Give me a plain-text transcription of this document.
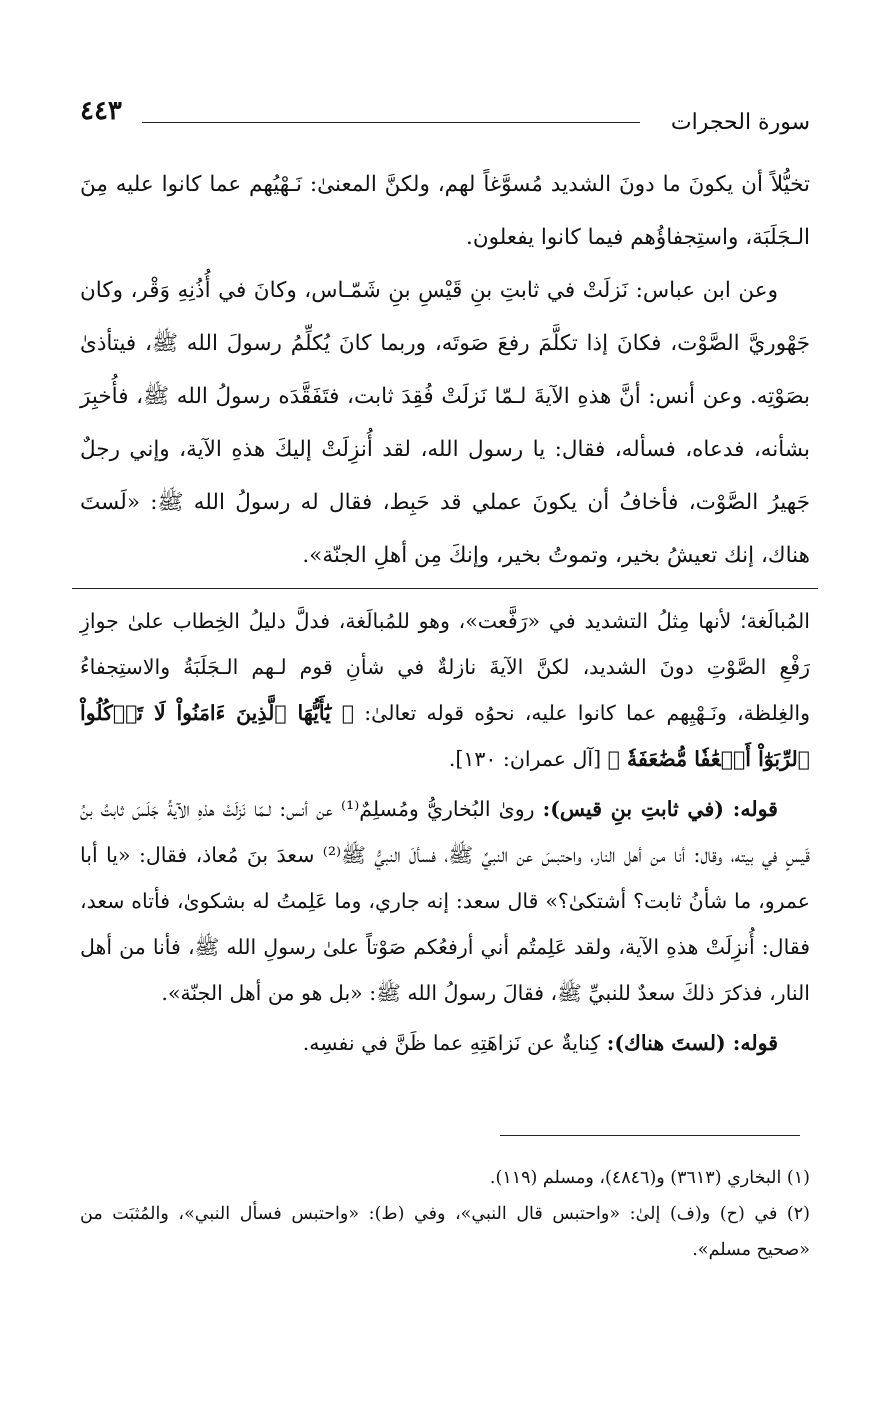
٤٤٣	سورة الحجرات

تخيُّلاً أن يكونَ ما دونَ الشديد مُسوَّغاً لهم، ولكنَّ المعنىٰ: نَـهْيُهم عما كانوا عليه مِنَ الـجَلَبَة، واستِجفاؤُهم فيما كانوا يفعلون.

وعن ابن عباس: نَزلَتْ في ثابتِ بنِ قَيْسِ بنِ شَمّـاس، وكانَ في أُذُنِهِ وَقْر، وكان جَهْوريَّ الصَّوْت، فكانَ إذا تكلَّمَ رفعَ صَوتَه، وربما كانَ يُكلِّمُ رسولَ الله ﷺ، فيتأذىٰ بصَوْتِه. وعن أنس: أنَّ هذهِ الآيةَ لـمّا نَزلَتْ فُقِدَ ثابت، فتَفَقَّدَه رسولُ الله ﷺ، فأُخبِرَ بشأنه، فدعاه، فسأله، فقال: يا رسول الله، لقد أُنزِلَتْ إليكَ هذهِ الآية، وإني رجلٌ جَهيرُ الصَّوْت، فأخافُ أن يكونَ عملي قد حَبِط، فقال له رسولُ الله ﷺ: «لَستَ هناك، إنك تعيشُ بخير، وتموتُ بخير، وإنكَ مِن أهلِ الجنّة».

المُبالَغة؛ لأنها مِثلُ التشديد في «رَفَّعت»، وهو للمُبالَغة، فدلَّ دليلُ الخِطاب علىٰ جوازِ رَفْعِ الصَّوْتِ دونَ الشديد، لكنَّ الآيةَ نازلةٌ في شأنِ قوم لـهم الـجَلَبَةُ والاستِجفاءُ والغِلظة، ونَـهْيِهم عما كانوا عليه، نحوُه قوله تعالىٰ: ﴿ يَٰٓأَيُّهَا ٱلَّذِينَ ءَامَنُواْ لَا تَأۡكُلُواْ ٱلرِّبَوٰٓاْ أَضۡعَٰفٗا مُّضَٰعَفَةٗ ﴾ [آل عمران: ١٣٠].

قوله: (في ثابتِ بنِ قيس): روىٰ البُخاريُّ ومُسلِمٌ⁽¹⁾ عن أنس: لـمّا نَزلَتْ هذهِ الآيةُ جَلَسَ ثابتُ بنُ قَيسٍ في بيته، وقال: أنا من أهل النار، واحتبسَ عن النبيِّ ﷺ، فسألَ النبيُّ ﷺ⁽²⁾ سعدَ بنَ مُعاذ، فقال: «يا أبا عمرو، ما شأنُ ثابت؟ أشتكىٰ؟» قال سعد: إنه جاري، وما عَلِمتُ له بشكوىٰ، فأتاه سعد، فقال: أُنزِلَتْ هذهِ الآية، ولقد عَلِمتُم أني أرفعُكم صَوْتاً علىٰ رسولِ الله ﷺ، فأنا من أهل النار، فذكرَ ذلكَ سعدٌ للنبيِّ ﷺ، فقالَ رسولُ الله ﷺ: «بل هو من أهل الجنّة».

قوله: (لستَ هناك): كِنايةٌ عن نَزاهَتِهِ عما ظَنَّ في نفسِه.

(١) البخاري (٣٦١٣) و(٤٨٤٦)، ومسلم (١١٩).
(٢) في (ح) و(ف) إلىٰ: «واحتبس قال النبي»، وفي (ط): «واحتبس فسأل النبي»، والمُثبَت من «صحيح مسلم».
